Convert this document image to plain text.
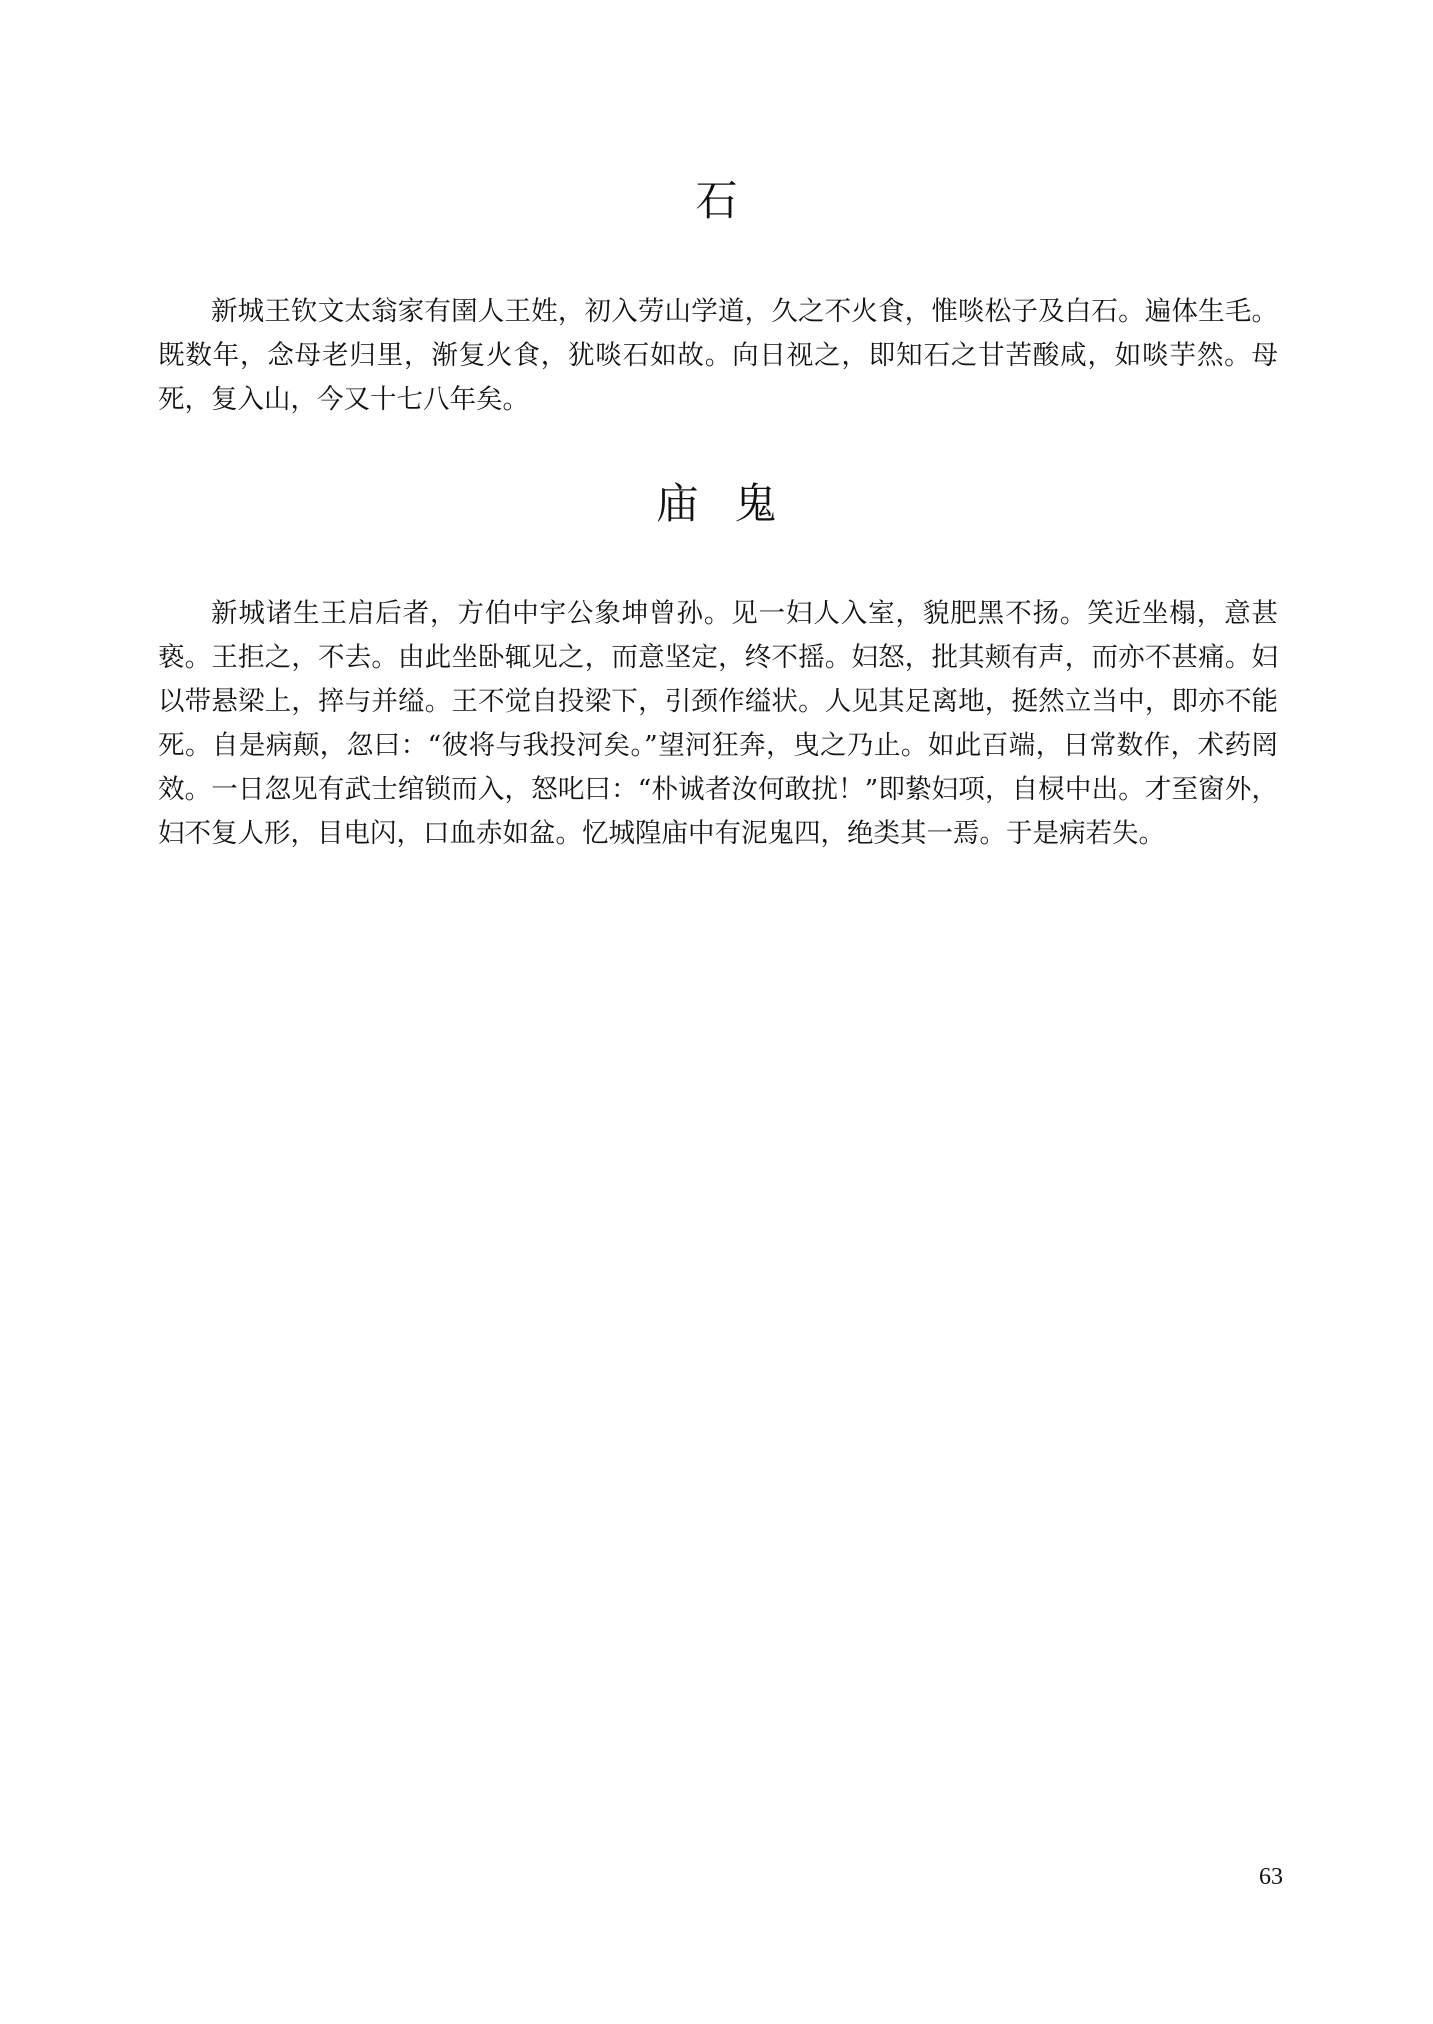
石

新城王钦文太翁家有圉人王姓，初入劳山学道，久之不火食，惟啖松子及白石。遍体生毛。既数年，念母老归里，渐复火食，犹啖石如故。向日视之，即知石之甘苦酸咸，如啖芋然。母死，复入山，今又十七八年矣。

庙鬼

新城诸生王启后者，方伯中宇公象坤曾孙。见一妇人入室，貌肥黑不扬。笑近坐榻，意甚亵。王拒之，不去。由此坐卧辄见之，而意坚定，终不摇。妇怒，批其颊有声，而亦不甚痛。妇以带悬梁上，捽与并缢。王不觉自投梁下，引颈作缢状。人见其足离地，挺然立当中，即亦不能死。自是病颠，忽曰：“彼将与我投河矣。”望河狂奔，曳之乃止。如此百端，日常数作，术药罔效。一日忽见有武士绾锁而入，怒叱曰：“朴诚者汝何敢扰！”即絷妇项，自棂中出。才至窗外，妇不复人形，目电闪，口血赤如盆。忆城隍庙中有泥鬼四，绝类其一焉。于是病若失。

63
